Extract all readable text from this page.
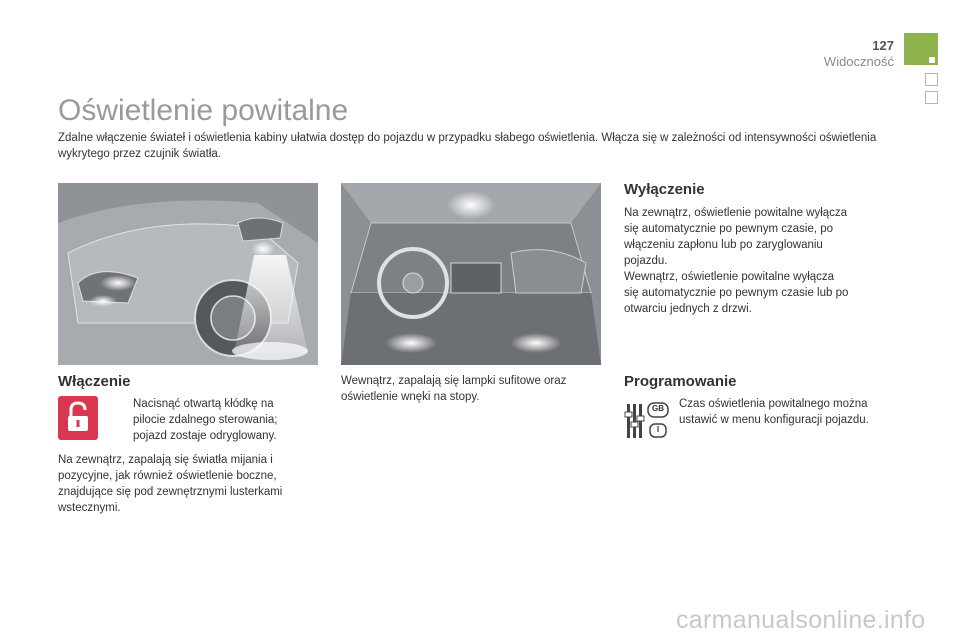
127
Widoczność
Oświetlenie powitalne

Zdalne włączenie świateł i oświetlenia kabiny ułatwia dostęp do pojazdu w przypadku słabego oświetlenia. Włącza się w zależności od intensywności oświetlenia wykrytego przez czujnik światła.

Włączenie

Nacisnąć otwartą kłódkę na
pilocie zdalnego sterowania;
pojazd zostaje odryglowany.

Na zewnątrz, zapalają się światła mijania i
pozycyjne, jak również oświetlenie boczne,
znajdujące się pod zewnętrznymi lusterkami
wstecznymi.

Wewnątrz, zapalają się lampki sufitowe oraz
oświetlenie wnęki na stopy.

Wyłączenie

Na zewnątrz, oświetlenie powitalne wyłącza
się automatycznie po pewnym czasie, po
włączeniu zapłonu lub po zaryglowaniu
pojazdu.
Wewnątrz, oświetlenie powitalne wyłącza
się automatycznie po pewnym czasie lub po
otwarciu jednych z drzwi.

Programowanie
GB
I

Czas oświetlenia powitalnego można
ustawić w menu konfiguracji pojazdu.

carmanualsonline.info
